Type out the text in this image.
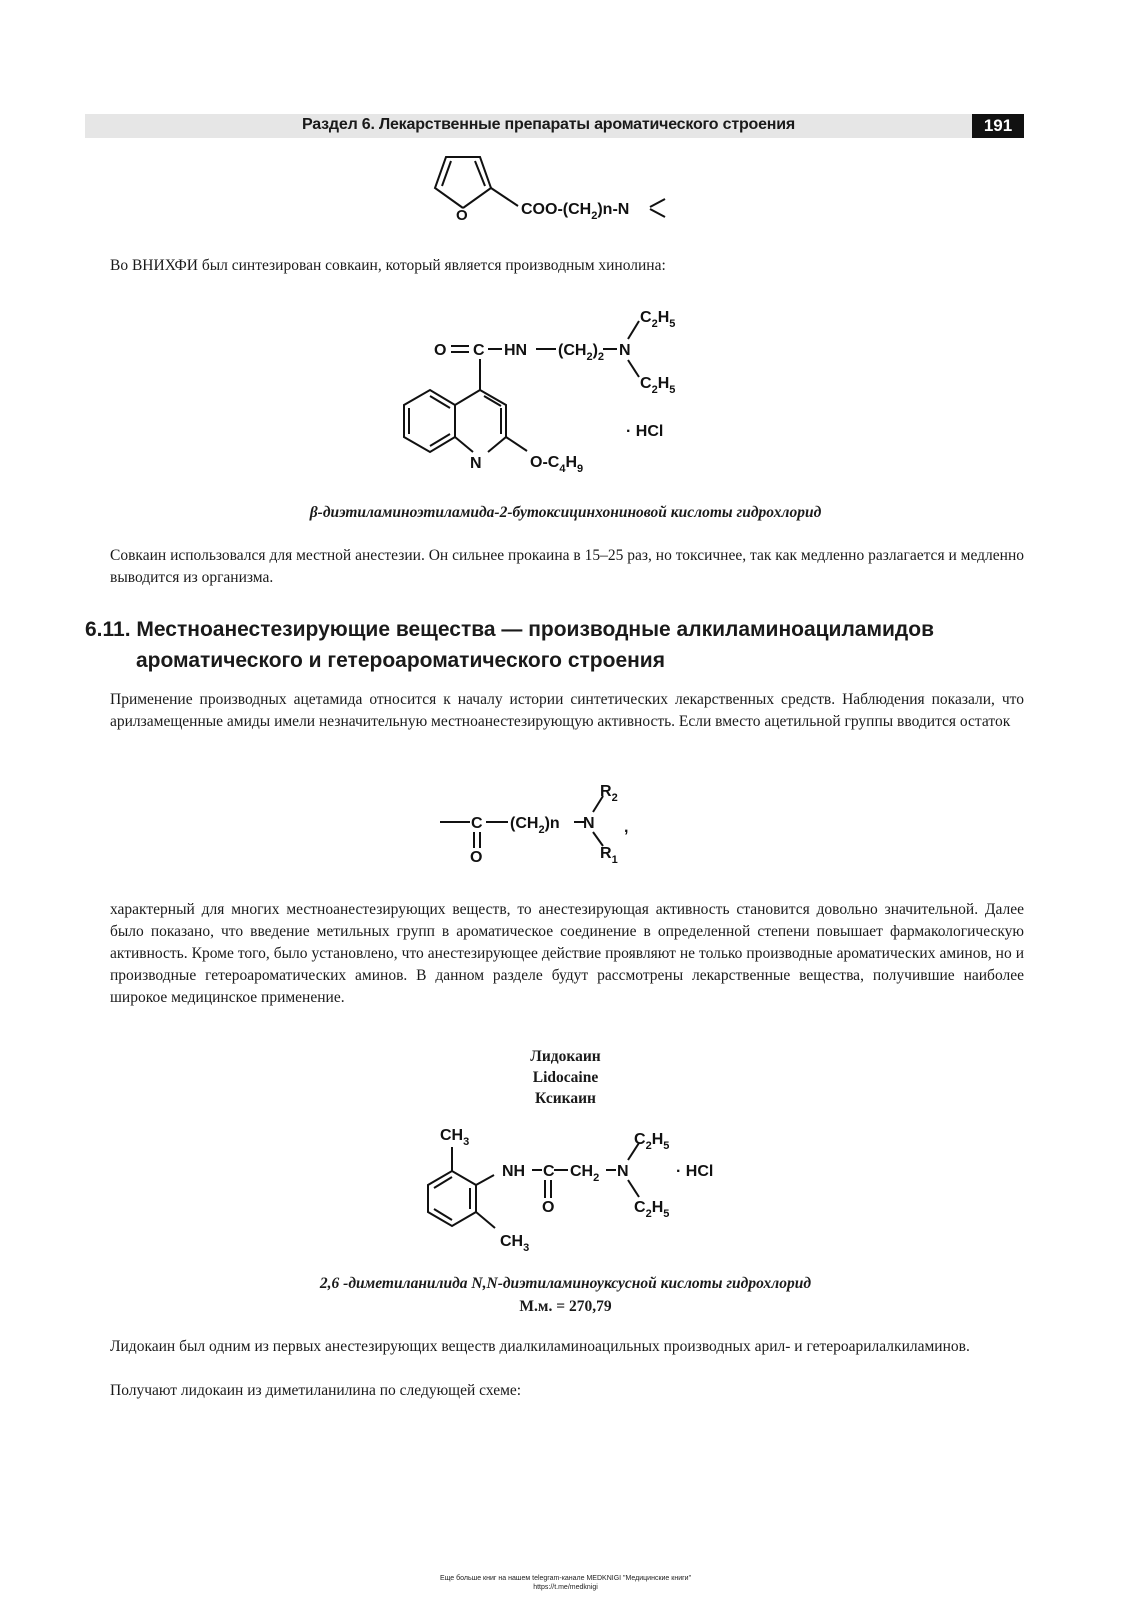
Раздел 6. Лекарственные препараты ароматического строения	191
O	COO-$(CH_2)n-N$
O C HN $(CH_2)_2$ N
$C_2H_5$
$C_2H_5$
· HCl
N	$O-C_4H_9$
C
O
$(CH_2)n$ N
$R_2$
$R_1$
,
$CH_3$
$CH_3$
NH C
O
$CH_2$ N
$C_2H_5$
$C_2H_5$
· HCl

Во ВНИХФИ был синтезирован совкаин, который является производным хинолина:

β-диэтиламиноэтиламида-2-бутоксицинхониновой кислоты гидрохлорид

Совкаин использовался для местной анестезии. Он сильнее прокаина в 15–25 раз, но токсичнее, так как медленно разлагается и медленно выводится из организма.

6.11. Местноанестезирующие вещества — производные алкиламиноациламидов
ароматического и гетероароматического строения

Применение производных ацетамида относится к началу истории синтетических лекарственных средств. Наблюдения показали, что арилзамещенные амиды имели незначительную местноанестезирующую активность. Если вместо ацетильной группы вводится остаток

характерный для многих местноанестезирующих веществ, то анестезирующая активность становится довольно значительной. Далее было показано, что введение метильных групп в ароматическое соединение в определенной степени повышает фармакологическую активность. Кроме того, было установлено, что анестезирующее действие проявляют не только производные ароматических аминов, но и производные гетероароматических аминов. В данном разделе будут рассмотрены лекарственные вещества, получившие наиболее широкое медицинское применение.

Лидокаин
Lidocaine
Ксикаин
2,6 -диметиланилида N,N-диэтиламиноуксусной кислоты гидрохлорид
М.м. = 270,79

Лидокаин был одним из первых анестезирующих веществ диалкиламиноацильных производных арил- и гетероарилалкиламинов.

Получают лидокаин из диметиланилина по следующей схеме:

Еще больше книг на нашем telegram-канале MEDKNIGI "Медицинские книги"
https://t.me/medknigi
